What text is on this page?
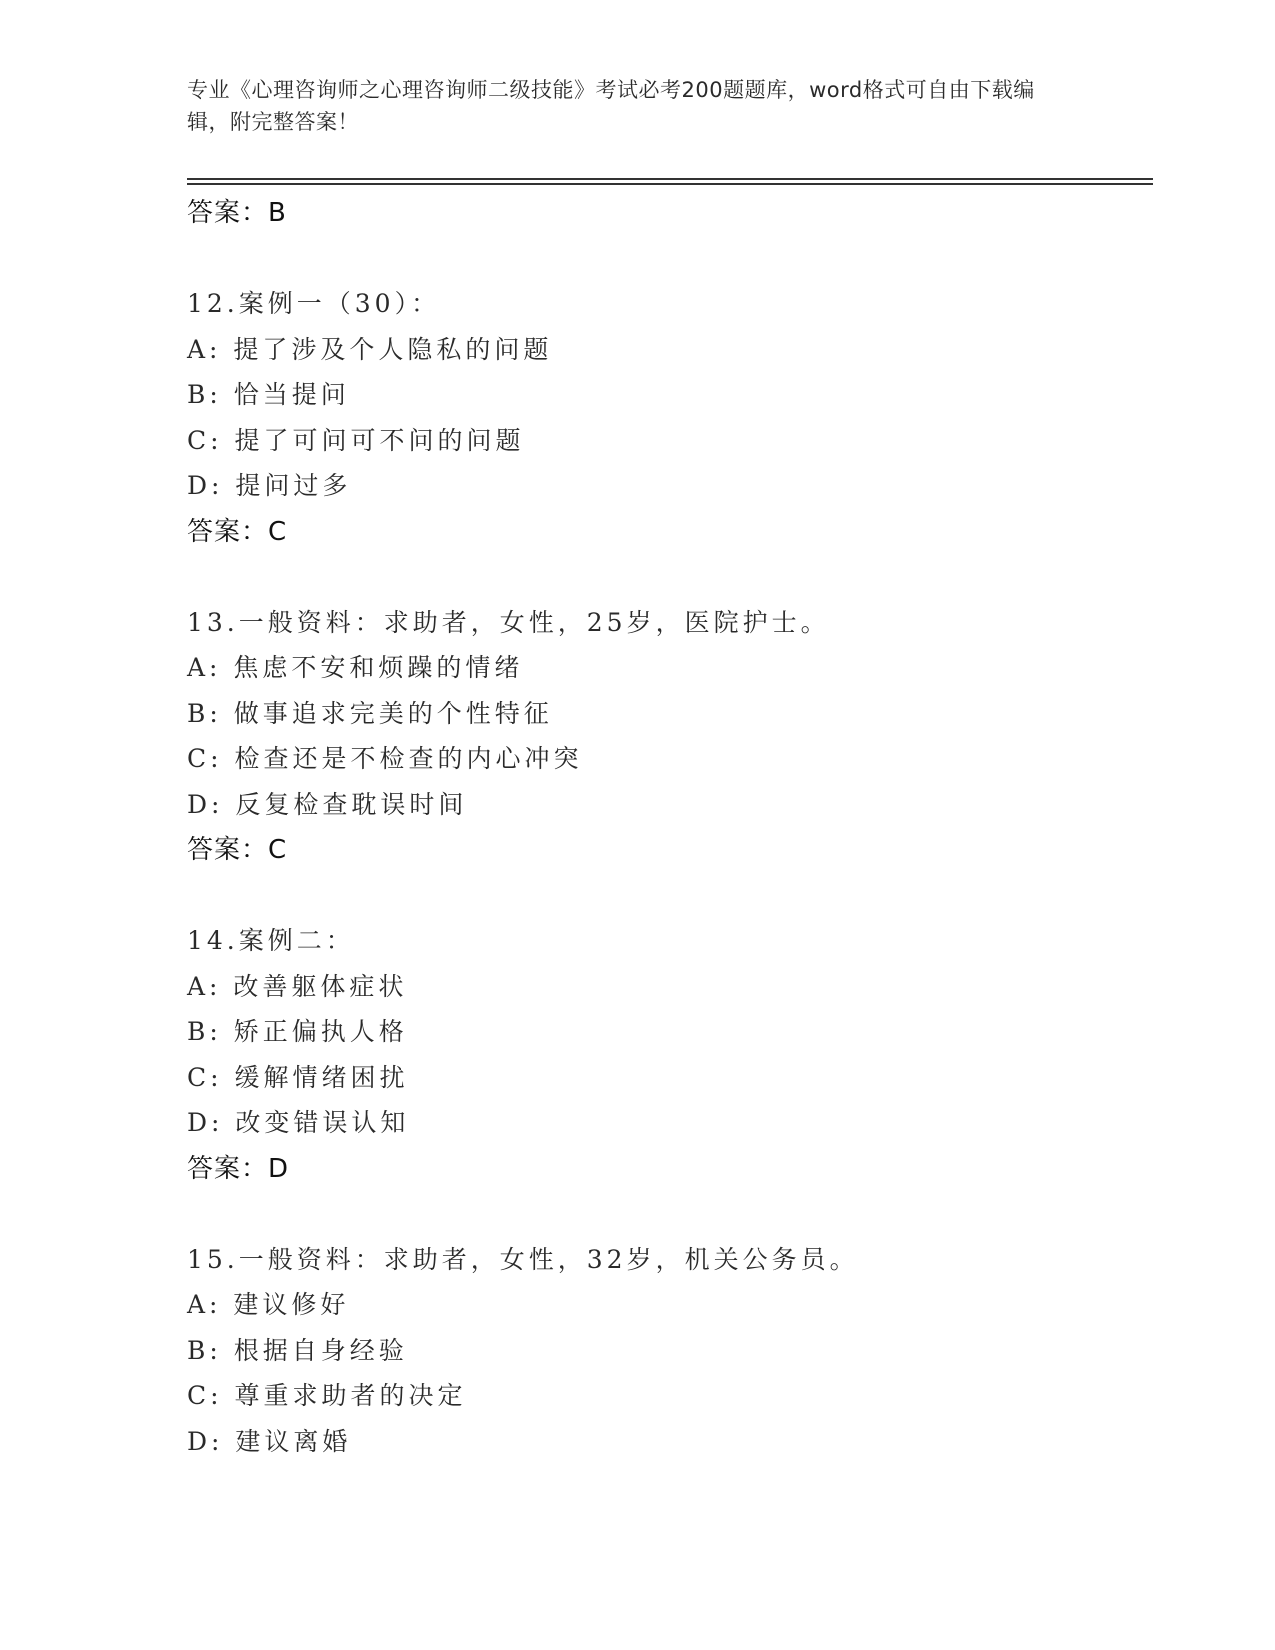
专业《心理咨询师之心理咨询师二级技能》考试必考200题题库，word格式可自由下载编辑，附完整答案！
答案：B
12.案例一（30）：
A: 提了涉及个人隐私的问题
B: 恰当提问
C: 提了可问可不问的问题
D: 提问过多
答案：C
13.一般资料：求助者，女性，25岁，医院护士。
A: 焦虑不安和烦躁的情绪
B: 做事追求完美的个性特征
C: 检查还是不检查的内心冲突
D: 反复检查耽误时间
答案：C
14.案例二：
A: 改善躯体症状
B: 矫正偏执人格
C: 缓解情绪困扰
D: 改变错误认知
答案：D
15.一般资料：求助者，女性，32岁，机关公务员。
A: 建议修好
B: 根据自身经验
C: 尊重求助者的决定
D: 建议离婚
